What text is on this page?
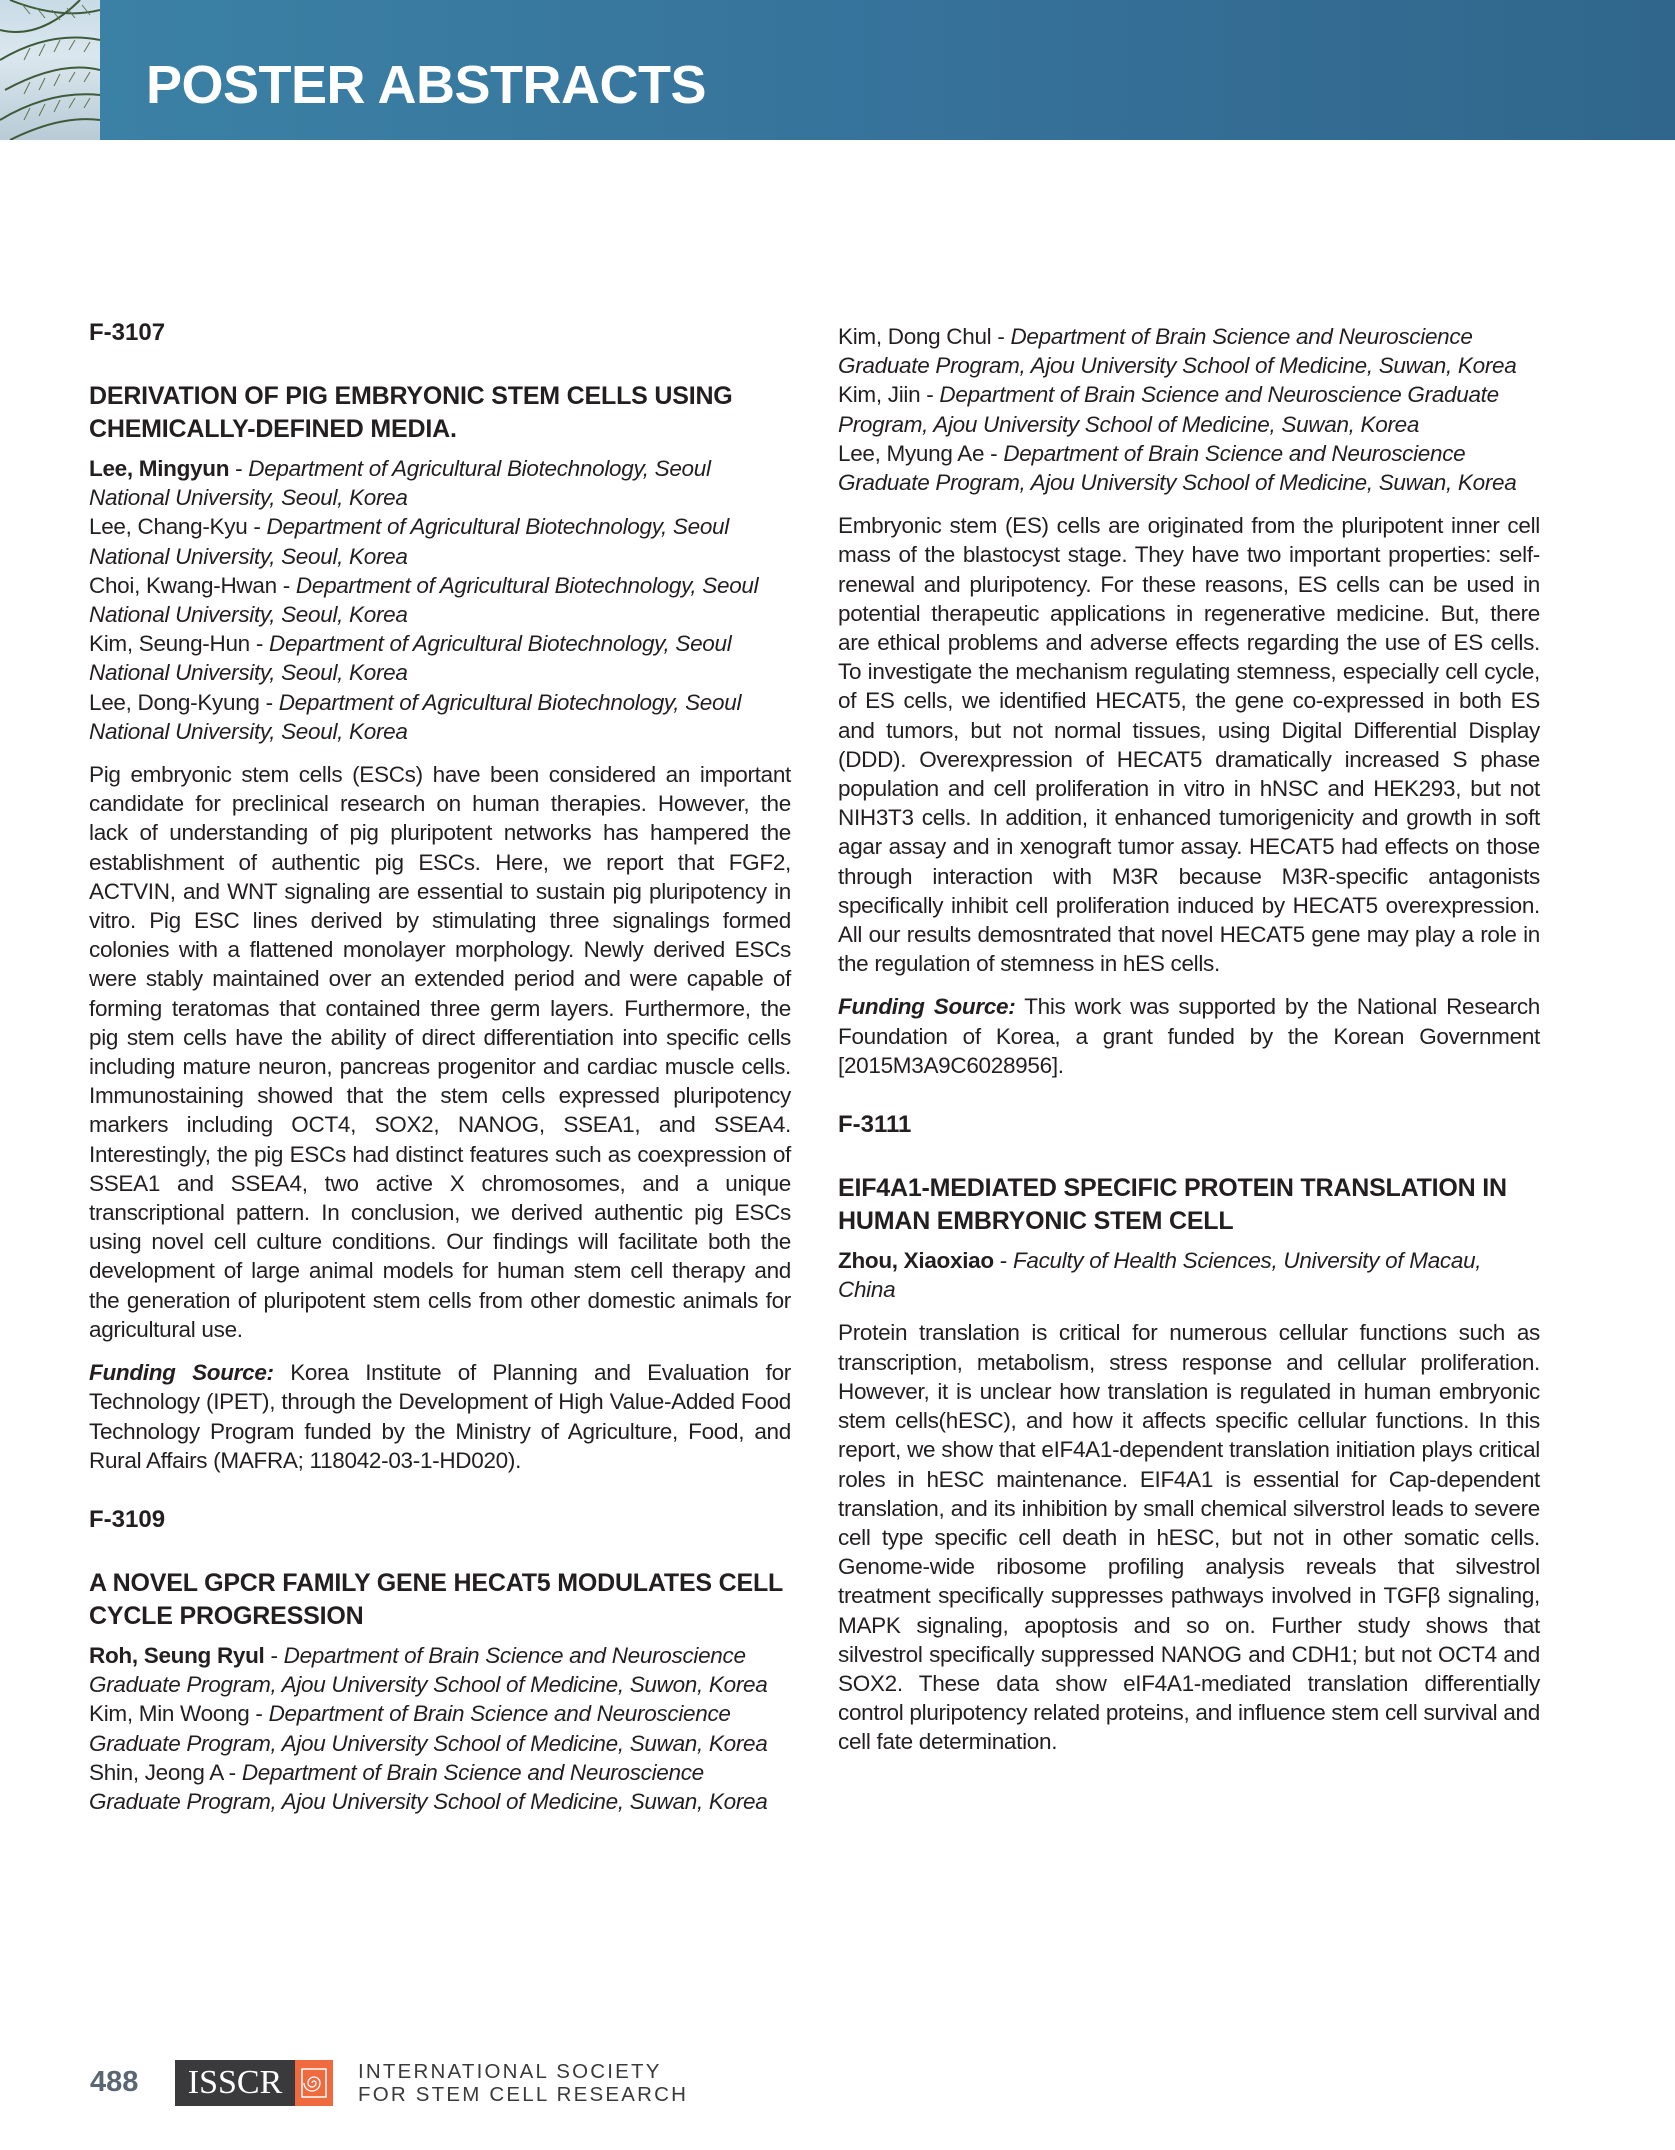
POSTER ABSTRACTS
F-3107
DERIVATION OF PIG EMBRYONIC STEM CELLS USING CHEMICALLY-DEFINED MEDIA.
Lee, Mingyun - Department of Agricultural Biotechnology, Seoul National University, Seoul, Korea
Lee, Chang-Kyu - Department of Agricultural Biotechnology, Seoul National University, Seoul, Korea
Choi, Kwang-Hwan - Department of Agricultural Biotechnology, Seoul National University, Seoul, Korea
Kim, Seung-Hun - Department of Agricultural Biotechnology, Seoul National University, Seoul, Korea
Lee, Dong-Kyung - Department of Agricultural Biotechnology, Seoul National University, Seoul, Korea

Pig embryonic stem cells (ESCs) have been considered an important candidate for preclinical research on human therapies. However, the lack of understanding of pig pluripotent networks has hampered the establishment of authentic pig ESCs. Here, we report that FGF2, ACTVIN, and WNT signaling are essential to sustain pig pluripotency in vitro. Pig ESC lines derived by stimulating three signalings formed colonies with a flattened monolayer morphology. Newly derived ESCs were stably maintained over an extended period and were capable of forming teratomas that contained three germ layers. Furthermore, the pig stem cells have the ability of direct differentiation into specific cells including mature neuron, pancreas progenitor and cardiac muscle cells. Immunostaining showed that the stem cells expressed pluripotency markers including OCT4, SOX2, NANOG, SSEA1, and SSEA4. Interestingly, the pig ESCs had distinct features such as coexpression of SSEA1 and SSEA4, two active X chromosomes, and a unique transcriptional pattern. In conclusion, we derived authentic pig ESCs using novel cell culture conditions. Our findings will facilitate both the development of large animal models for human stem cell therapy and the generation of pluripotent stem cells from other domestic animals for agricultural use.

Funding Source: Korea Institute of Planning and Evaluation for Technology (IPET), through the Development of High Value-Added Food Technology Program funded by the Ministry of Agriculture, Food, and Rural Affairs (MAFRA; 118042-03-1-HD020).

F-3109
A NOVEL GPCR FAMILY GENE HECAT5 MODULATES CELL CYCLE PROGRESSION
Roh, Seung Ryul - Department of Brain Science and Neuroscience Graduate Program, Ajou University School of Medicine, Suwon, Korea
Kim, Min Woong - Department of Brain Science and Neuroscience Graduate Program, Ajou University School of Medicine, Suwan, Korea
Shin, Jeong A - Department of Brain Science and Neuroscience Graduate Program, Ajou University School of Medicine, Suwan, Korea
Kim, Dong Chul - Department of Brain Science and Neuroscience Graduate Program, Ajou University School of Medicine, Suwan, Korea
Kim, Jiin - Department of Brain Science and Neuroscience Graduate Program, Ajou University School of Medicine, Suwan, Korea
Lee, Myung Ae - Department of Brain Science and Neuroscience Graduate Program, Ajou University School of Medicine, Suwan, Korea

Embryonic stem (ES) cells are originated from the pluripotent inner cell mass of the blastocyst stage. They have two important properties: self-renewal and pluripotency. For these reasons, ES cells can be used in potential therapeutic applications in regenerative medicine. But, there are ethical problems and adverse effects regarding the use of ES cells. To investigate the mechanism regulating stemness, especially cell cycle, of ES cells, we identified HECAT5, the gene co-expressed in both ES and tumors, but not normal tissues, using Digital Differential Display (DDD). Overexpression of HECAT5 dramatically increased S phase population and cell proliferation in vitro in hNSC and HEK293, but not NIH3T3 cells. In addition, it enhanced tumorigenicity and growth in soft agar assay and in xenograft tumor assay. HECAT5 had effects on those through interaction with M3R because M3R-specific antagonists specifically inhibit cell proliferation induced by HECAT5 overexpression. All our results demosntrated that novel HECAT5 gene may play a role in the regulation of stemness in hES cells.

Funding Source: This work was supported by the National Research Foundation of Korea, a grant funded by the Korean Government [2015M3A9C6028956].

F-3111
EIF4A1-MEDIATED SPECIFIC PROTEIN TRANSLATION IN HUMAN EMBRYONIC STEM CELL
Zhou, Xiaoxiao - Faculty of Health Sciences, University of Macau, China

Protein translation is critical for numerous cellular functions such as transcription, metabolism, stress response and cellular proliferation. However, it is unclear how translation is regulated in human embryonic stem cells(hESC), and how it affects specific cellular functions. In this report, we show that eIF4A1-dependent translation initiation plays critical roles in hESC maintenance. EIF4A1 is essential for Cap-dependent translation, and its inhibition by small chemical silverstrol leads to severe cell type specific cell death in hESC, but not in other somatic cells. Genome-wide ribosome profiling analysis reveals that silvestrol treatment specifically suppresses pathways involved in TGFβ signaling, MAPK signaling, apoptosis and so on. Further study shows that silvestrol specifically suppressed NANOG and CDH1; but not OCT4 and SOX2. These data show eIF4A1-mediated translation differentially control pluripotency related proteins, and influence stem cell survival and cell fate determination.

488	ISSCR	INTERNATIONAL SOCIETY
FOR STEM CELL RESEARCH
